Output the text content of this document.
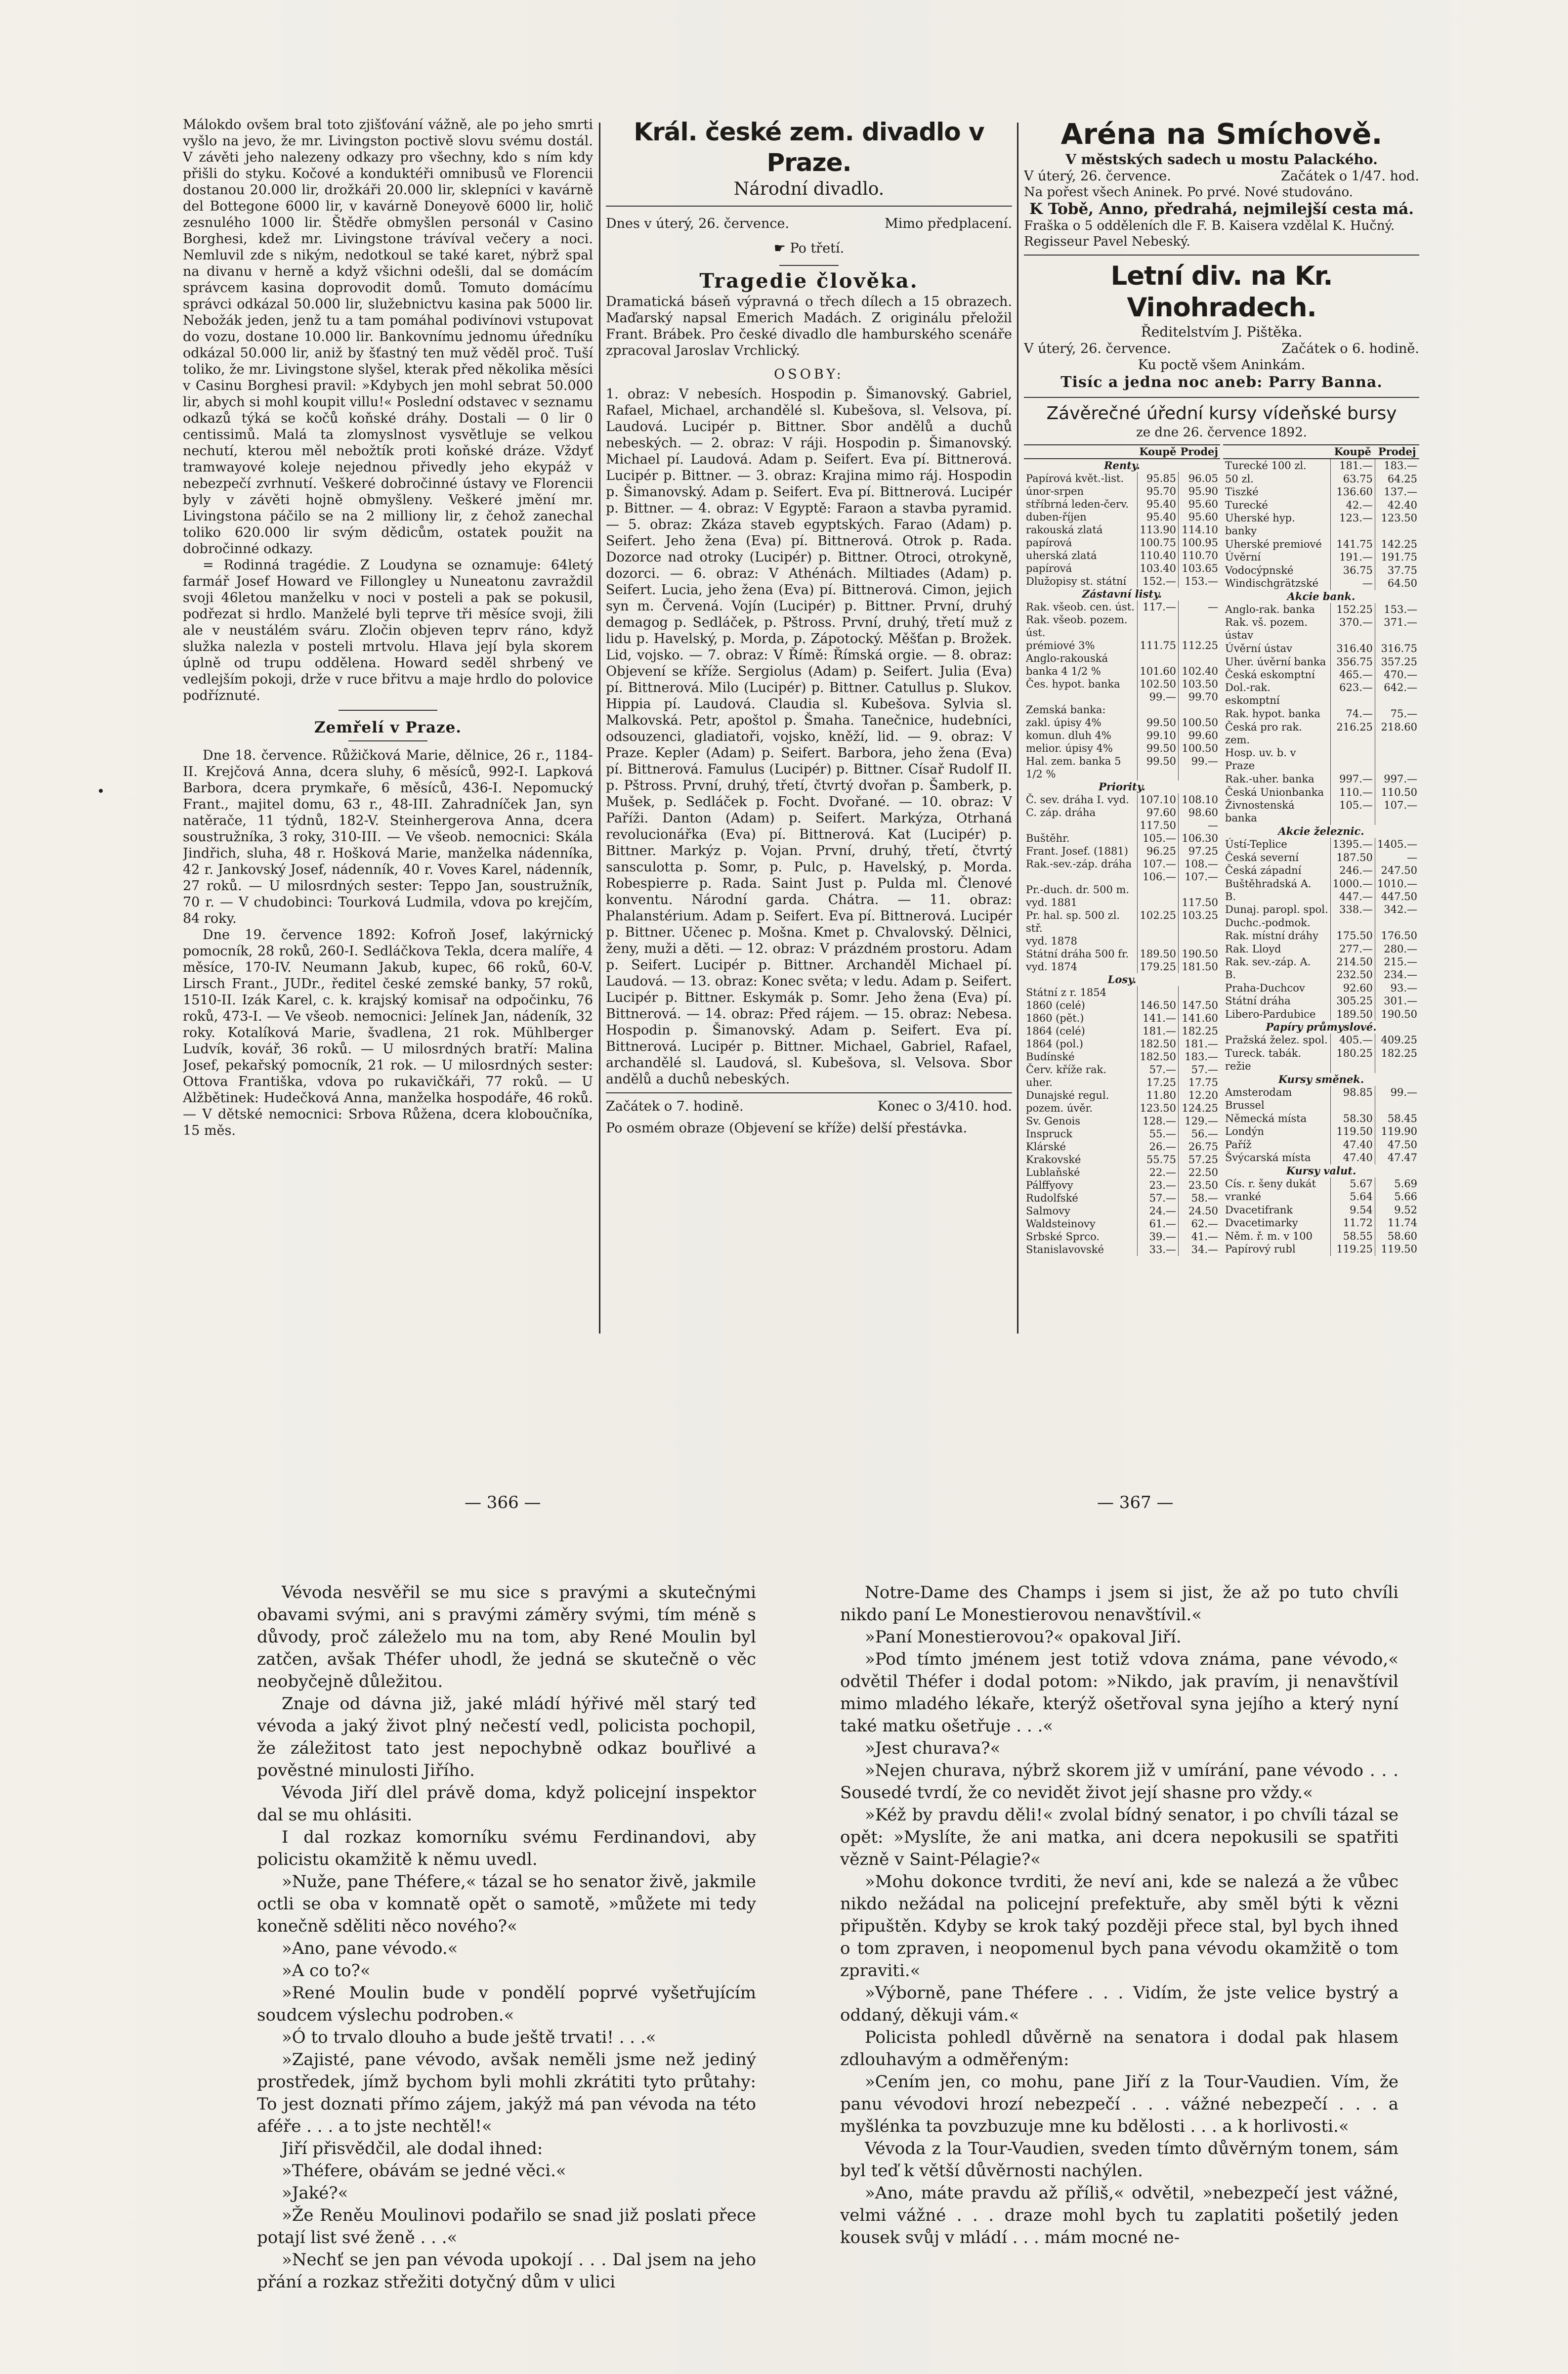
Málokdo ovšem bral toto zjišťování vážně, ale po jeho smrti vyšlo na jevo, že mr. Livingston poctivě slovu svému dostál. V závěti jeho nalezeny odkazy pro všechny, kdo s ním kdy přišli do styku. Kočové a konduktéři omnibusů ve Florencii dostanou 20.000 lir, drožkáři 20.000 lir, sklepníci v kavárně del Bottegone 6000 lir, v kavárně Doneyově 6000 lir, holič zesnulého 1000 lir. Štědře obmyšlen personál v Casino Borghesi, kdež mr. Livingstone trávíval večery a noci. Nemluvil zde s nikým, nedotkoul se také karet, nýbrž spal na divanu v herně a když všichni odešli, dal se domácím správcem kasina doprovodit domů. Tomuto domácímu správci odkázal 50.000 lir, služebnictvu kasina pak 5000 lir. Nebožák jeden, jenž tu a tam pomáhal podivínovi vstupovat do vozu, dostane 10.000 lir. Bankovnímu jednomu úředníku odkázal 50.000 lir, aniž by šťastný ten muž věděl proč. Tuší toliko, že mr. Livingstone slyšel, kterak před několika měsíci v Casinu Borghesi pravil: »Kdybych jen mohl sebrat 50.000 lir, abych si mohl koupit villu!« Poslední odstavec v seznamu odkazů týká se kočů koňské dráhy. Dostali — 0 lir 0 centissimů. Malá ta zlomyslnost vysvětluje se velkou nechutí, kterou měl nebožtík proti koňské dráze. Vždyť tramwayové koleje nejednou přivedly jeho ekypáž v nebezpečí zvrhnutí. Veškeré dobročinné ústavy ve Florencii byly v závěti hojně obmyšleny. Veškeré jmění mr. Livingstona páčilo se na 2 milliony lir, z čehož zanechal toliko 620.000 lir svým dědicům, ostatek použit na dobročinné odkazy.

= Rodinná tragédie. Z Loudyna se oznamuje: 64letý farmář Josef Howard ve Fillongley u Nuneatonu zavraždil svoji 46letou manželku v noci v posteli a pak se pokusil, podřezat si hrdlo. Manželé byli teprve tři měsíce svoji, žili ale v neustálém sváru. Zločin objeven teprv ráno, když služka nalezla v posteli mrtvolu. Hlava její byla skorem úplně od trupu oddělena. Howard seděl shrbený ve vedlejším pokoji, drže v ruce břitvu a maje hrdlo do polovice podříznuté.

Zemřelí v Praze.

Dne 18. července. Růžičková Marie, dělnice, 26 r., 1184-II. Krejčová Anna, dcera sluhy, 6 měsíců, 992-I. Lapková Barbora, dcera prymkaře, 6 měsíců, 436-I. Nepomucký Frant., majitel domu, 63 r., 48-III. Zahradníček Jan, syn natěrače, 11 týdnů, 182-V. Steinhergerova Anna, dcera soustružníka, 3 roky, 310-III. — Ve všeob. nemocnici: Skála Jindřich, sluha, 48 r. Hošková Marie, manželka nádenníka, 42 r. Jankovský Josef, nádenník, 40 r. Voves Karel, nádenník, 27 roků. — U milosrdných sester: Teppo Jan, soustružník, 70 r. — V chudobinci: Tourková Ludmila, vdova po krejčím, 84 roky.

Dne 19. července 1892: Kofroň Josef, lakýrnický pomocník, 28 roků, 260-I. Sedláčkova Tekla, dcera malíře, 4 měsíce, 170-IV. Neumann Jakub, kupec, 66 roků, 60-V. Lirsch Frant., JUDr., ředitel české zemské banky, 57 roků, 1510-II. Izák Karel, c. k. krajský komisař na odpočinku, 76 roků, 473-I. — Ve všeob. nemocnici: Jelínek Jan, nádeník, 32 roky. Kotalíková Marie, švadlena, 21 rok. Mühlberger Ludvík, kovář, 36 roků. — U milosrdných bratří: Malina Josef, pekařský pomocník, 21 rok. — U milosrdných sester: Ottova Františka, vdova po rukavičkáři, 77 roků. — U Alžbětinek: Hudečková Anna, manželka hospodáře, 46 roků. — V dětské nemocnici: Srbova Růžena, dcera kloboučníka, 15 měs.

Král. české zem. divadlo v Praze.
Národní divadlo.
Dnes v úterý, 26. července.	Mimo předplacení.
☛ Po třetí.
Tragedie člověka.

Dramatická báseň výpravná o třech dílech a 15 obrazech. Maďarský napsal Emerich Madách. Z originálu přeložil Frant. Brábek. Pro české divadlo dle hamburského scenáře zpracoval Jaroslav Vrchlický.

OSOBY:

1. obraz: V nebesích. Hospodin p. Šimanovský. Gabriel, Rafael, Michael, archandělé sl. Kubešova, sl. Velsova, pí. Laudová. Lucipér p. Bittner. Sbor andělů a duchů nebeských. — 2. obraz: V ráji. Hospodin p. Šimanovský. Michael pí. Laudová. Adam p. Seifert. Eva pí. Bittnerová. Lucipér p. Bittner. — 3. obraz: Krajina mimo ráj. Hospodin p. Šimanovský. Adam p. Seifert. Eva pí. Bittnerová. Lucipér p. Bittner. — 4. obraz: V Egyptě: Faraon a stavba pyramid. — 5. obraz: Zkáza staveb egyptských. Farao (Adam) p. Seifert. Jeho žena (Eva) pí. Bittnerová. Otrok p. Rada. Dozorce nad otroky (Lucipér) p. Bittner. Otroci, otrokyně, dozorci. — 6. obraz: V Athénách. Miltiades (Adam) p. Seifert. Lucia, jeho žena (Eva) pí. Bittnerová. Cimon, jejich syn m. Červená. Vojín (Lucipér) p. Bittner. První, druhý demagog p. Sedláček, p. Pštross. První, druhý, třetí muž z lidu p. Havelský, p. Morda, p. Zápotocký. Měšťan p. Brožek. Lid, vojsko. — 7. obraz: V Římě: Římská orgie. — 8. obraz: Objevení se kříže. Sergiolus (Adam) p. Seifert. Julia (Eva) pí. Bittnerová. Milo (Lucipér) p. Bittner. Catullus p. Slukov. Hippia pí. Laudová. Claudia sl. Kubešova. Sylvia sl. Malkovská. Petr, apoštol p. Šmaha. Tanečnice, hudebníci, odsouzenci, gladiatoři, vojsko, kněží, lid. — 9. obraz: V Praze. Kepler (Adam) p. Seifert. Barbora, jeho žena (Eva) pí. Bittnerová. Famulus (Lucipér) p. Bittner. Císař Rudolf II. p. Pštross. První, druhý, třetí, čtvrtý dvořan p. Šamberk, p. Mušek, p. Sedláček p. Focht. Dvořané. — 10. obraz: V Paříži. Danton (Adam) p. Seifert. Markýza, Otrhaná revolucionářka (Eva) pí. Bittnerová. Kat (Lucipér) p. Bittner. Markýz p. Vojan. První, druhý, třetí, čtvrtý sansculotta p. Somr, p. Pulc, p. Havelský, p. Morda. Robespierre p. Rada. Saint Just p. Pulda ml. Členové konventu. Národní garda. Chátra. — 11. obraz: Phalanstérium. Adam p. Seifert. Eva pí. Bittnerová. Lucipér p. Bittner. Učenec p. Mošna. Kmet p. Chvalovský. Dělnici, ženy, muži a děti. — 12. obraz: V prázdném prostoru. Adam p. Seifert. Lucipér p. Bittner. Archanděl Michael pí. Laudová. — 13. obraz: Konec světa; v ledu. Adam p. Seifert. Lucipér p. Bittner. Eskymák p. Somr. Jeho žena (Eva) pí. Bittnerová. — 14. obraz: Před rájem. — 15. obraz: Nebesa. Hospodin p. Šimanovský. Adam p. Seifert. Eva pí. Bittnerová. Lucipér p. Bittner. Michael, Gabriel, Rafael, archandělé sl. Laudová, sl. Kubešova, sl. Velsova. Sbor andělů a duchů nebeských.

Začátek o 7. hodině.	Konec o 3/410. hod.
Po osmém obraze (Objevení se kříže) delší přestávka.
Aréna na Smíchově.
V městských sadech u mostu Palackého.
V úterý, 26. července.	Začátek o 1/47. hod.
Na pořest všech Aninek. Po prvé. Nové studováno.
K Tobě, Anno, předrahá, nejmilejší cesta má.
Fraška o 5 odděleních dle F. B. Kaisera vzdělal K. Hučný. Regisseur Pavel Nebeský.
Letní div. na Kr. Vinohradech.
Ředitelstvím J. Pištěka.
V úterý, 26. července.	Začátek o 6. hodině.
Ku poctě všem Aninkám.
Tisíc a jedna noc aneb: Parry Banna.
Závěrečné úřední kursy vídeňské bursy
ze dne 26. července 1892.
	Koupě	Prodej
Renty.		
Papírová květ.-list.	95.85	96.05
únor-srpen	95.70	95.90
stříbrná leden-červ.	95.40	95.60
duben-říjen	95.40	95.60
rakouská zlatá	113.90	114.10
papírová	100.75	100.95
uherská zlatá	110.40	110.70
papírová	103.40	103.65
Dlužopisy st. státní	152.—	153.—
Zástavní listy.		
Rak. všeob. cen. úst.	117.—	—
Rak. všeob. pozem. úst.		
prémiové 3%	111.75	112.25
Anglo-rakouská		
banka 4 1/2 %	101.60	102.40
Čes. hypot. banka	102.50	103.50
	99.—	99.70
Zemská banka:		
zakl. úpisy 4%	99.50	100.50
komun. dluh 4%	99.10	99.60
melior. úpisy 4%	99.50	100.50
Hal. zem. banka 5 1/2 %	99.50	99.—
Priority.		
Č. sev. dráha I. vyd.	107.10	108.10
C. záp. dráha	97.60	98.60
	117.50	—
Buštěhr.	105.—	106.30
Frant. Josef. (1881)	96.25	97.25
Rak.-sev.-záp. dráha	107.—	108.—
	106.—	107.—
Pr.-duch. dr. 500 m.		
vyd. 1881		117.50
Pr. hal. sp. 500 zl. stř.	102.25	103.25
vyd. 1878		
Státní dráha 500 fr.	189.50	190.50
vyd. 1874	179.25	181.50
Losy.		
Státní z r. 1854		
1860 (celé)	146.50	147.50
1860 (pět.)	141.—	141.60
1864 (celé)	181.—	182.25
1864 (pol.)	182.50	181.—
Budínské	182.50	183.—
Červ. kříže rak.	57.—	57.—
uher.	17.25	17.75
Dunajské regul.	11.80	12.20
pozem. úvěr.	123.50	124.25
Sv. Genois	128.—	129.—
Inspruck	55.—	56.—
Klárské	26.—	26.75
Krakovské	55.75	57.25
Lublaňské	22.—	22.50
Pálffyovy	23.—	23.50
Rudolfské	57.—	58.—
Salmovy	24.—	24.50
Waldsteinovy	61.—	62.—
Srbské Sprco.	39.—	41.—
Stanislavovské	33.—	34.—
	Koupě	Prodej
Turecké 100 zl.	181.—	183.—
50 zl.	63.75	64.25
Tiszké	136.60	137.—
Turecké	42.—	42.40
Uherské hyp. banky	123.—	123.50
Uherské premiové	141.75	142.25
Úvěrní	191.—	191.75
Vodocýpnské	36.75	37.75
Windischgrätzské	—	64.50
Akcie bank.		
Anglo-rak. banka	152.25	153.—
Rak. vš. pozem. ústav	370.—	371.—
Úvěrní ústav	316.40	316.75
Uher. úvěrní banka	356.75	357.25
Česká eskomptní	465.—	470.—
Dol.-rak. eskomptní	623.—	642.—
Rak. hypot. banka	74.—	75.—
Česká pro rak. zem.	216.25	218.60
Hosp. uv. b. v Praze		
Rak.-uher. banka	997.—	997.—
Česká Unionbanka	110.—	110.50
Živnostenská banka	105.—	107.—
Akcie železnic.		
Ústí-Teplice	1395.—	1405.—
Česká severní	187.50	—
Česká západní	246.—	247.50
Buštěhradská A.	1000.—	1010.—
B.	447.—	447.50
Dunaj. paropl. spol.	338.—	342.—
Duchc.-podmok.		
Rak. místní dráhy	175.50	176.50
Rak. Lloyd	277.—	280.—
Rak. sev.-záp. A.	214.50	215.—
B.	232.50	234.—
Praha-Duchcov	92.60	93.—
Státní dráha	305.25	301.—
Libero-Pardubice	189.50	190.50
Papíry průmyslové.		
Pražská želez. spol.	405.—	409.25
Tureck. tabák. režie	180.25	182.25
Kursy směnek.		
Amsterodam	98.85	99.—
Brussel		
Německá místa	58.30	58.45
Londýn	119.50	119.90
Paříž	47.40	47.50
Švýcarská místa	47.40	47.47
Kursy valut.		
Cís. r. šeny dukát	5.67	5.69
vranké	5.64	5.66
Dvacetifrank	9.54	9.52
Dvacetimarky	11.72	11.74
Něm. ř. m. v 100	58.55	58.60
Papírový rubl	119.25	119.50
— 366 —	— 367 —

Vévoda nesvěřil se mu sice s pravými a skutečnými obavami svými, ani s pravými záměry svými, tím méně s důvody, proč záleželo mu na tom, aby René Moulin byl zatčen, avšak Théfer uhodl, že jedná se skutečně o věc neobyčejně důležitou.

Znaje od dávna již, jaké mládí hýřivé měl starý teď vévoda a jaký život plný nečestí vedl, policista pochopil, že záležitost tato jest nepochybně odkaz bouřlivé a pověstné minulosti Jiřího.

Vévoda Jiří dlel právě doma, když policejní inspektor dal se mu ohlásiti.

I dal rozkaz komorníku svému Ferdinandovi, aby policistu okamžitě k němu uvedl.

»Nuže, pane Théfere,« tázal se ho senator živě, jakmile octli se oba v komnatě opět o samotě, »můžete mi tedy konečně sděliti něco nového?«

»Ano, pane vévodo.«

»A co to?«

»René Moulin bude v pondělí poprvé vyšetřujícím soudcem výslechu podroben.«

»Ó to trvalo dlouho a bude ještě trvati! . . .«

»Zajisté, pane vévodo, avšak neměli jsme než jediný prostředek, jímž bychom byli mohli zkrátiti tyto průtahy: To jest doznati přímo zájem, jakýž má pan vévoda na této aféře . . . a to jste nechtěl!«

Jiří přisvědčil, ale dodal ihned:

»Théfere, obávám se jedné věci.«

»Jaké?«

»Že Reněu Moulinovi podařilo se snad již poslati přece potají list své ženě . . .«

»Nechť se jen pan vévoda upokojí . . . Dal jsem na jeho přání a rozkaz střežiti dotyčný dům v ulici

Notre-Dame des Champs i jsem si jist, že až po tuto chvíli nikdo paní Le Monestierovou nenavštívil.«

»Paní Monestierovou?« opakoval Jiří.

»Pod tímto jménem jest totiž vdova známa, pane vévodo,« odvětil Théfer i dodal potom: »Nikdo, jak pravím, ji nenavštívil mimo mladého lékaře, kterýž ošetřoval syna jejího a který nyní také matku ošetřuje . . .«

»Jest churava?«

»Nejen churava, nýbrž skorem již v umírání, pane vévodo . . . Sousedé tvrdí, že co nevidět život její shasne pro vždy.«

»Kéž by pravdu děli!« zvolal bídný senator, i po chvíli tázal se opět: »Myslíte, že ani matka, ani dcera nepokusili se spatřiti vězně v Saint-Pélagie?«

»Mohu dokonce tvrditi, že neví ani, kde se nalezá a že vůbec nikdo nežádal na policejní prefektuře, aby směl býti k vězni připuštěn. Kdyby se krok taký později přece stal, byl bych ihned o tom zpraven, i neopomenul bych pana vévodu okamžitě o tom zpraviti.«

»Výborně, pane Théfere . . . Vidím, že jste velice bystrý a oddaný, děkuji vám.«

Policista pohledl důvěrně na senatora i dodal pak hlasem zdlouhavým a odměřeným:

»Cením jen, co mohu, pane Jiří z la Tour-Vaudien. Vím, že panu vévodovi hrozí nebezpečí . . . vážné nebezpečí . . . a myšlénka ta povzbuzuje mne ku bdělosti . . . a k horlivosti.«

Vévoda z la Tour-Vaudien, sveden tímto důvěrným tonem, sám byl teď k větší důvěrnosti nachýlen.

»Ano, máte pravdu až příliš,« odvětil, »nebezpečí jest vážné, velmi vážné . . . draze mohl bych tu zaplatiti pošetilý jeden kousek svůj v mládí . . . mám mocné ne-
